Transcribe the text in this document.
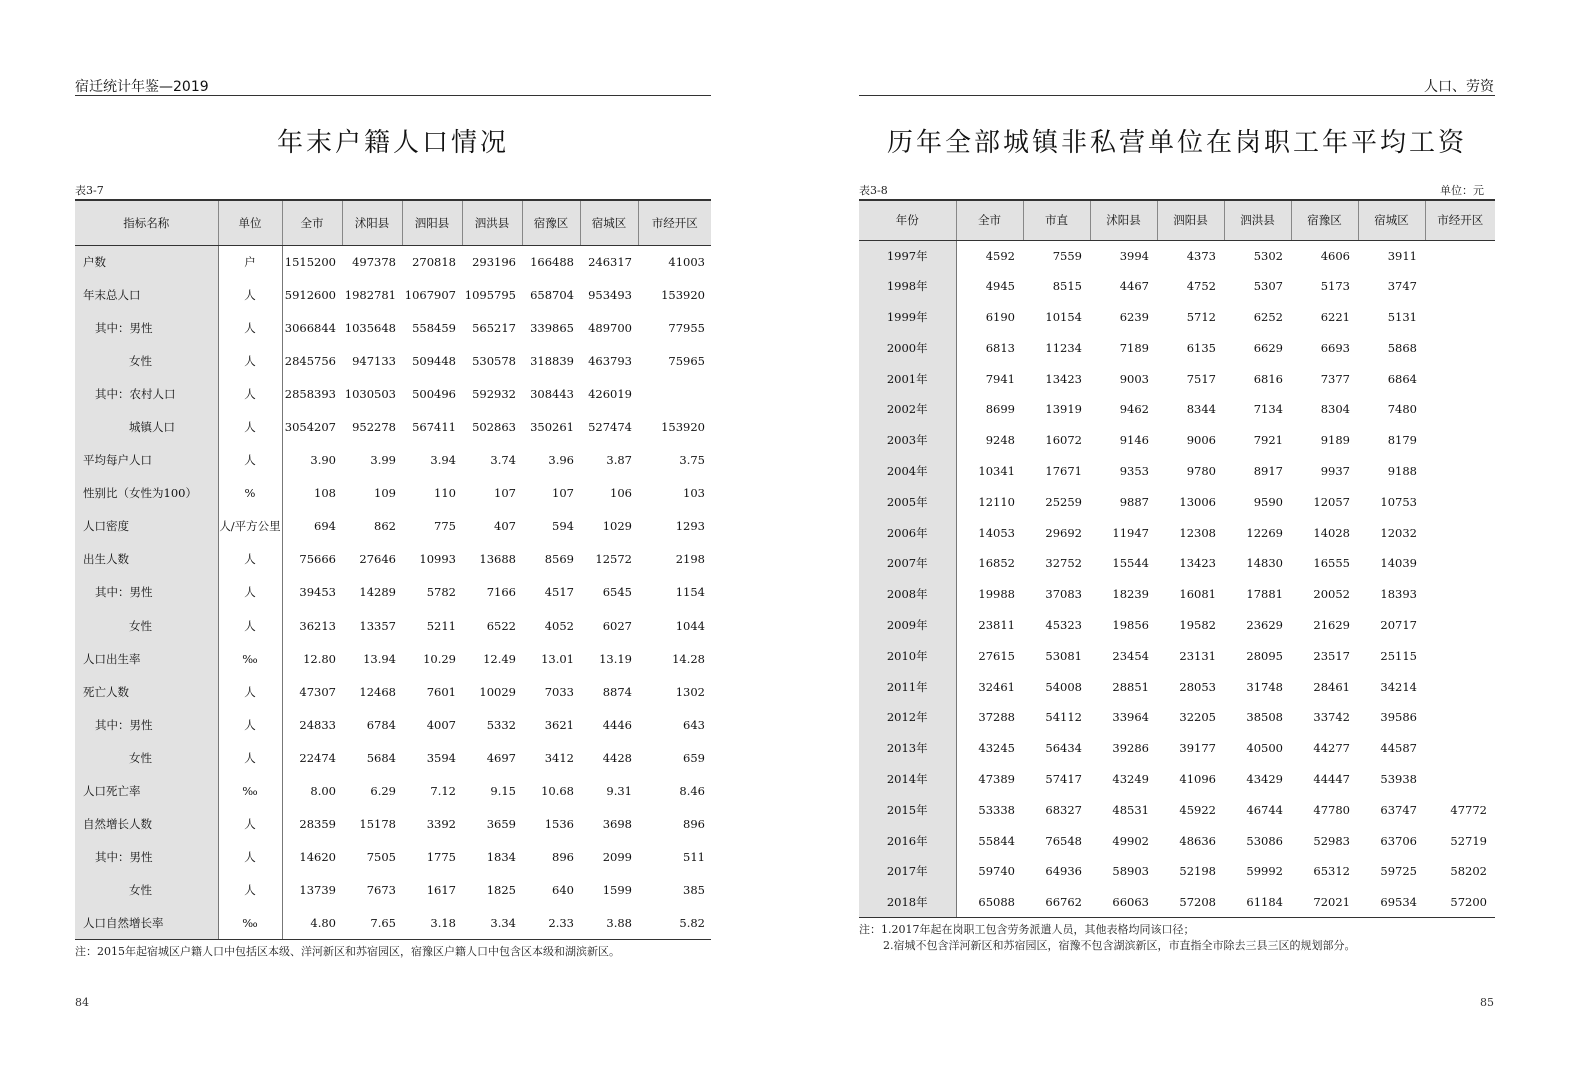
宿迁统计年鉴—2019
年末户籍人口情况
表3-7
指标名称	单位	全市	沭阳县	泗阳县	泗洪县	宿豫区	宿城区	市经开区
户数	户	1515200	497378	270818	293196	166488	246317	41003
年末总人口	人	5912600	1982781	1067907	1095795	658704	953493	153920
其中：男性	人	3066844	1035648	558459	565217	339865	489700	77955
女性	人	2845756	947133	509448	530578	318839	463793	75965
其中：农村人口	人	2858393	1030503	500496	592932	308443	426019	
城镇人口	人	3054207	952278	567411	502863	350261	527474	153920
平均每户人口	人	3.90	3.99	3.94	3.74	3.96	3.87	3.75
性别比（女性为100）	%	108	109	110	107	107	106	103
人口密度	人/平方公里	694	862	775	407	594	1029	1293
出生人数	人	75666	27646	10993	13688	8569	12572	2198
其中：男性	人	39453	14289	5782	7166	4517	6545	1154
女性	人	36213	13357	5211	6522	4052	6027	1044
人口出生率	‰	12.80	13.94	10.29	12.49	13.01	13.19	14.28
死亡人数	人	47307	12468	7601	10029	7033	8874	1302
其中：男性	人	24833	6784	4007	5332	3621	4446	643
女性	人	22474	5684	3594	4697	3412	4428	659
人口死亡率	‰	8.00	6.29	7.12	9.15	10.68	9.31	8.46
自然增长人数	人	28359	15178	3392	3659	1536	3698	896
其中：男性	人	14620	7505	1775	1834	896	2099	511
女性	人	13739	7673	1617	1825	640	1599	385
人口自然增长率	‰	4.80	7.65	3.18	3.34	2.33	3.88	5.82
注：2015年起宿城区户籍人口中包括区本级、洋河新区和苏宿园区，宿豫区户籍人口中包含区本级和湖滨新区。
84
人口、劳资
历年全部城镇非私营单位在岗职工年平均工资
表3-8	单位：元
年份	全市	市直	沭阳县	泗阳县	泗洪县	宿豫区	宿城区	市经开区
1997年	4592	7559	3994	4373	5302	4606	3911	
1998年	4945	8515	4467	4752	5307	5173	3747	
1999年	6190	10154	6239	5712	6252	6221	5131	
2000年	6813	11234	7189	6135	6629	6693	5868	
2001年	7941	13423	9003	7517	6816	7377	6864	
2002年	8699	13919	9462	8344	7134	8304	7480	
2003年	9248	16072	9146	9006	7921	9189	8179	
2004年	10341	17671	9353	9780	8917	9937	9188	
2005年	12110	25259	9887	13006	9590	12057	10753	
2006年	14053	29692	11947	12308	12269	14028	12032	
2007年	16852	32752	15544	13423	14830	16555	14039	
2008年	19988	37083	18239	16081	17881	20052	18393	
2009年	23811	45323	19856	19582	23629	21629	20717	
2010年	27615	53081	23454	23131	28095	23517	25115	
2011年	32461	54008	28851	28053	31748	28461	34214	
2012年	37288	54112	33964	32205	38508	33742	39586	
2013年	43245	56434	39286	39177	40500	44277	44587	
2014年	47389	57417	43249	41096	43429	44447	53938	
2015年	53338	68327	48531	45922	46744	47780	63747	47772
2016年	55844	76548	49902	48636	53086	52983	63706	52719
2017年	59740	64936	58903	52198	59992	65312	59725	58202
2018年	65088	66762	66063	57208	61184	72021	69534	57200
注：1.2017年起在岗职工包含劳务派遣人员，其他表格均同该口径；
2.宿城不包含洋河新区和苏宿园区，宿豫不包含湖滨新区，市直指全市除去三县三区的规划部分。
85
